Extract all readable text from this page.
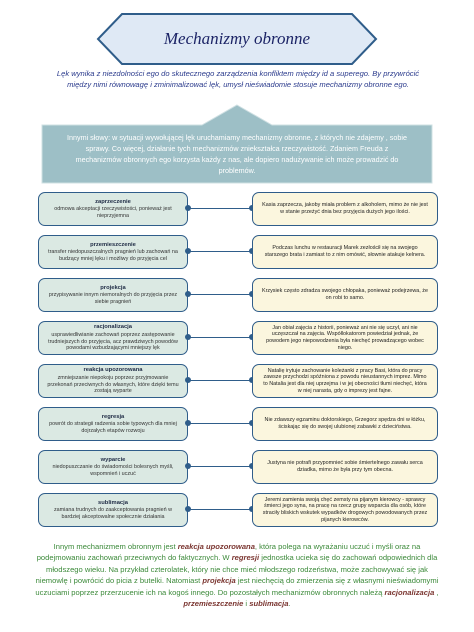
Mechanizmy obronne
Lęk wynika z niezdolności ego do skutecznego zarządzenia konfliktem między id a superego. By przywrócić między nimi równowagę i zminimalizować lęk, umysł nieświadomie stosuje mechanizmy obronne ego.
Innymi słowy: w sytuacji wywołującej lęk uruchamiamy mechanizmy obronne, z których nie zdajemy , sobie sprawy. Co więcej, działanie tych mechanizmów zniekształca rzeczywistość. Zdaniem Freuda z mechanizmów obronnych ego korzysta każdy z nas, ale dopiero nadużywanie ich może prowadzić do problemów.
zaprzeczenie
odmowa akceptacji rzeczywistości, ponieważ jest nieprzyjemna
Kasia zaprzecza, jakoby miała problem z alkoholem, mimo że nie jest w stanie przeżyć dnia bez przyjęcia dużych jego ilości.
przemieszczenie
transfer niedopuszczalnych pragnień lub zachowań na budzący mniej lęku i możliwy do przyjęcia cel
Podczas lunchu w restauracji Marek zezłościł się na swojego starszego brata i zamiast to z nim omówić, słownie atakuje kelnera.
projekcja
przypisywanie innym niemoralnych do przyjęcia przez siebie pragnień
Krzysiek często zdradza swojego chłopaka, ponieważ podejrzewa, że on robi to samo.
racjonalizacja
usprawiedliwianie zachowań poprzez zastępowanie trudniejszych do przyjęcia, acz prawdziwych powodów powodami wzbudzającymi mniejszy lęk
Jan obiał zajęcia z historii, ponieważ ani nie się uczył, ani nie uczęszczał na zajęcia. Współlokatorom powiedział jednak, że powodem jego niepowodzenia była niechęć prowadzącego wobec niego.
reakcja upozorowana
zmniejszanie niepokoju poprzez przyjmowanie przekonań przeciwnych do własnych, które dzięki temu zostają wyparte
Natalię irytuje zachowanie koleżanki z pracy Basi, która do pracy zawsze przychodzi spóźniona z powodu nieustannych imprez. Mimo to Natalia jest dla niej uprzejma i w jej obecności tłumi niechęć, która w niej narasta, gdy o imprezy jest fajne.
regresja
powrót do strategii radzenia sobie typowych dla mniej dojrzałych etapów rozwoju
Nie zdawszy egzaminu doktorskiego, Grzegorz spędza dni w łóżku, ściskając się do swojej ulubionej zabawki z dzieciństwa.
wyparcie
niedopuszczanie do świadomości bolesnych myśli, wspomnień i uczuć
Justyna nie potrafi przypomnieć sobie śmiertelnego zawału serca dziadka, mimo że była przy tym obecna.
sublimacja
zamiana trudnych do zaakceptowania pragnień w bardziej akceptowalne społecznie działania
Jeremi zamienia swoją chęć zemsty na pijanym kierowcy - sprawcy śmierci jego syna, na pracę na rzecz grupy wsparcia dla osób, które straciły bliskich wskutek wypadków drogowych powodowanych przez pijanych kierowców.
Innym mechanizmem obronnym jest reakcja upozorowana, która polega na wyrażaniu uczuć i myśli oraz na podejmowaniu zachowań przeciwnych do faktycznych. W regresji jednostka ucieka się do zachowań odpowiednich dla młodszego wieku. Na przykład czterolatek, który nie chce mieć młodszego rodzeństwa, może zachowywać się jak niemowlę i powrócić do picia z butelki. Natomiast projekcja jest niechęcią do zmierzenia się z własnymi nieświadomymi uczuciami poprzez przerzucenie ich na kogoś innego. Do pozostałych mechanizmów obronnych należą racjonalizacja , przemieszczenie i sublimacja.
